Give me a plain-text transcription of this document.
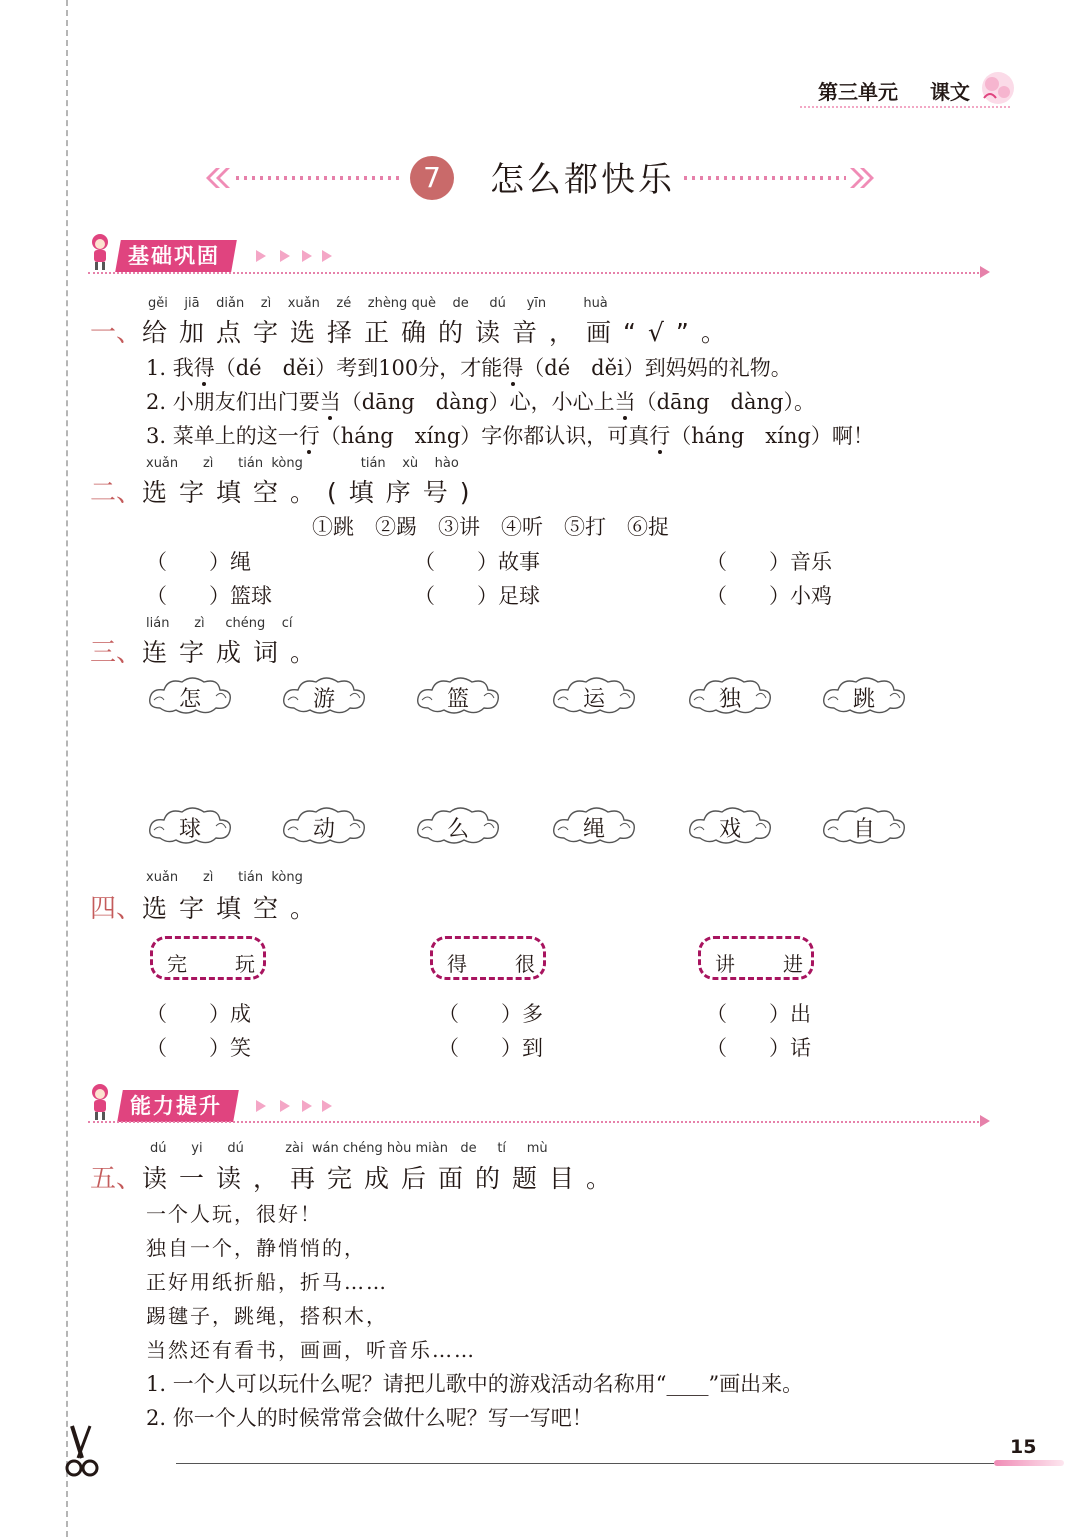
第三单元 课文
7	怎么都快乐
基础巩固
gěi jiā diǎn zì xuǎn zé zhèng què de dú yīn	huà
一、给加点字选择正确的读音，画“√”。
1. 我得（dé　děi）考到100分，才能得（dé　děi）到妈妈的礼物。
2. 小朋友们出门要当（dāng　dàng）心，小心上当（dāng　dàng）。
3. 菜单上的这一行（háng　xíng）字你都认识，可真行（háng　xíng）啊！
xuǎn zì tián kòng	tián xù hào
二、选字填空。(填序号)
①跳　②踢　③讲　④听　⑤打　⑥捉
（　　）绳	（　　）故事	（　　）音乐
（　　）篮球	（　　）足球	（　　）小鸡
lián zì chéng cí
三、连字成词。
怎	游	篮	运	独	跳
球	动	么	绳	戏	自
xuǎn zì tián kòng
四、选字填空。
完 玩	得 很	讲 进
（　　）成	（　　）多	（　　）出
（　　）笑	（　　）到	（　　）话
能力提升
dú yi dú	zài wán chéng hòu miàn de tí mù
五、读一读，再完成后面的题目。
一个人玩，很好！
独自一个，静悄悄的，
正好用纸折船，折马……
踢毽子，跳绳，搭积木，
当然还有看书，画画，听音乐……
1. 一个人可以玩什么呢？请把儿歌中的游戏活动名称用“____”画出来。
2. 你一个人的时候常常会做什么呢？写一写吧！
15
